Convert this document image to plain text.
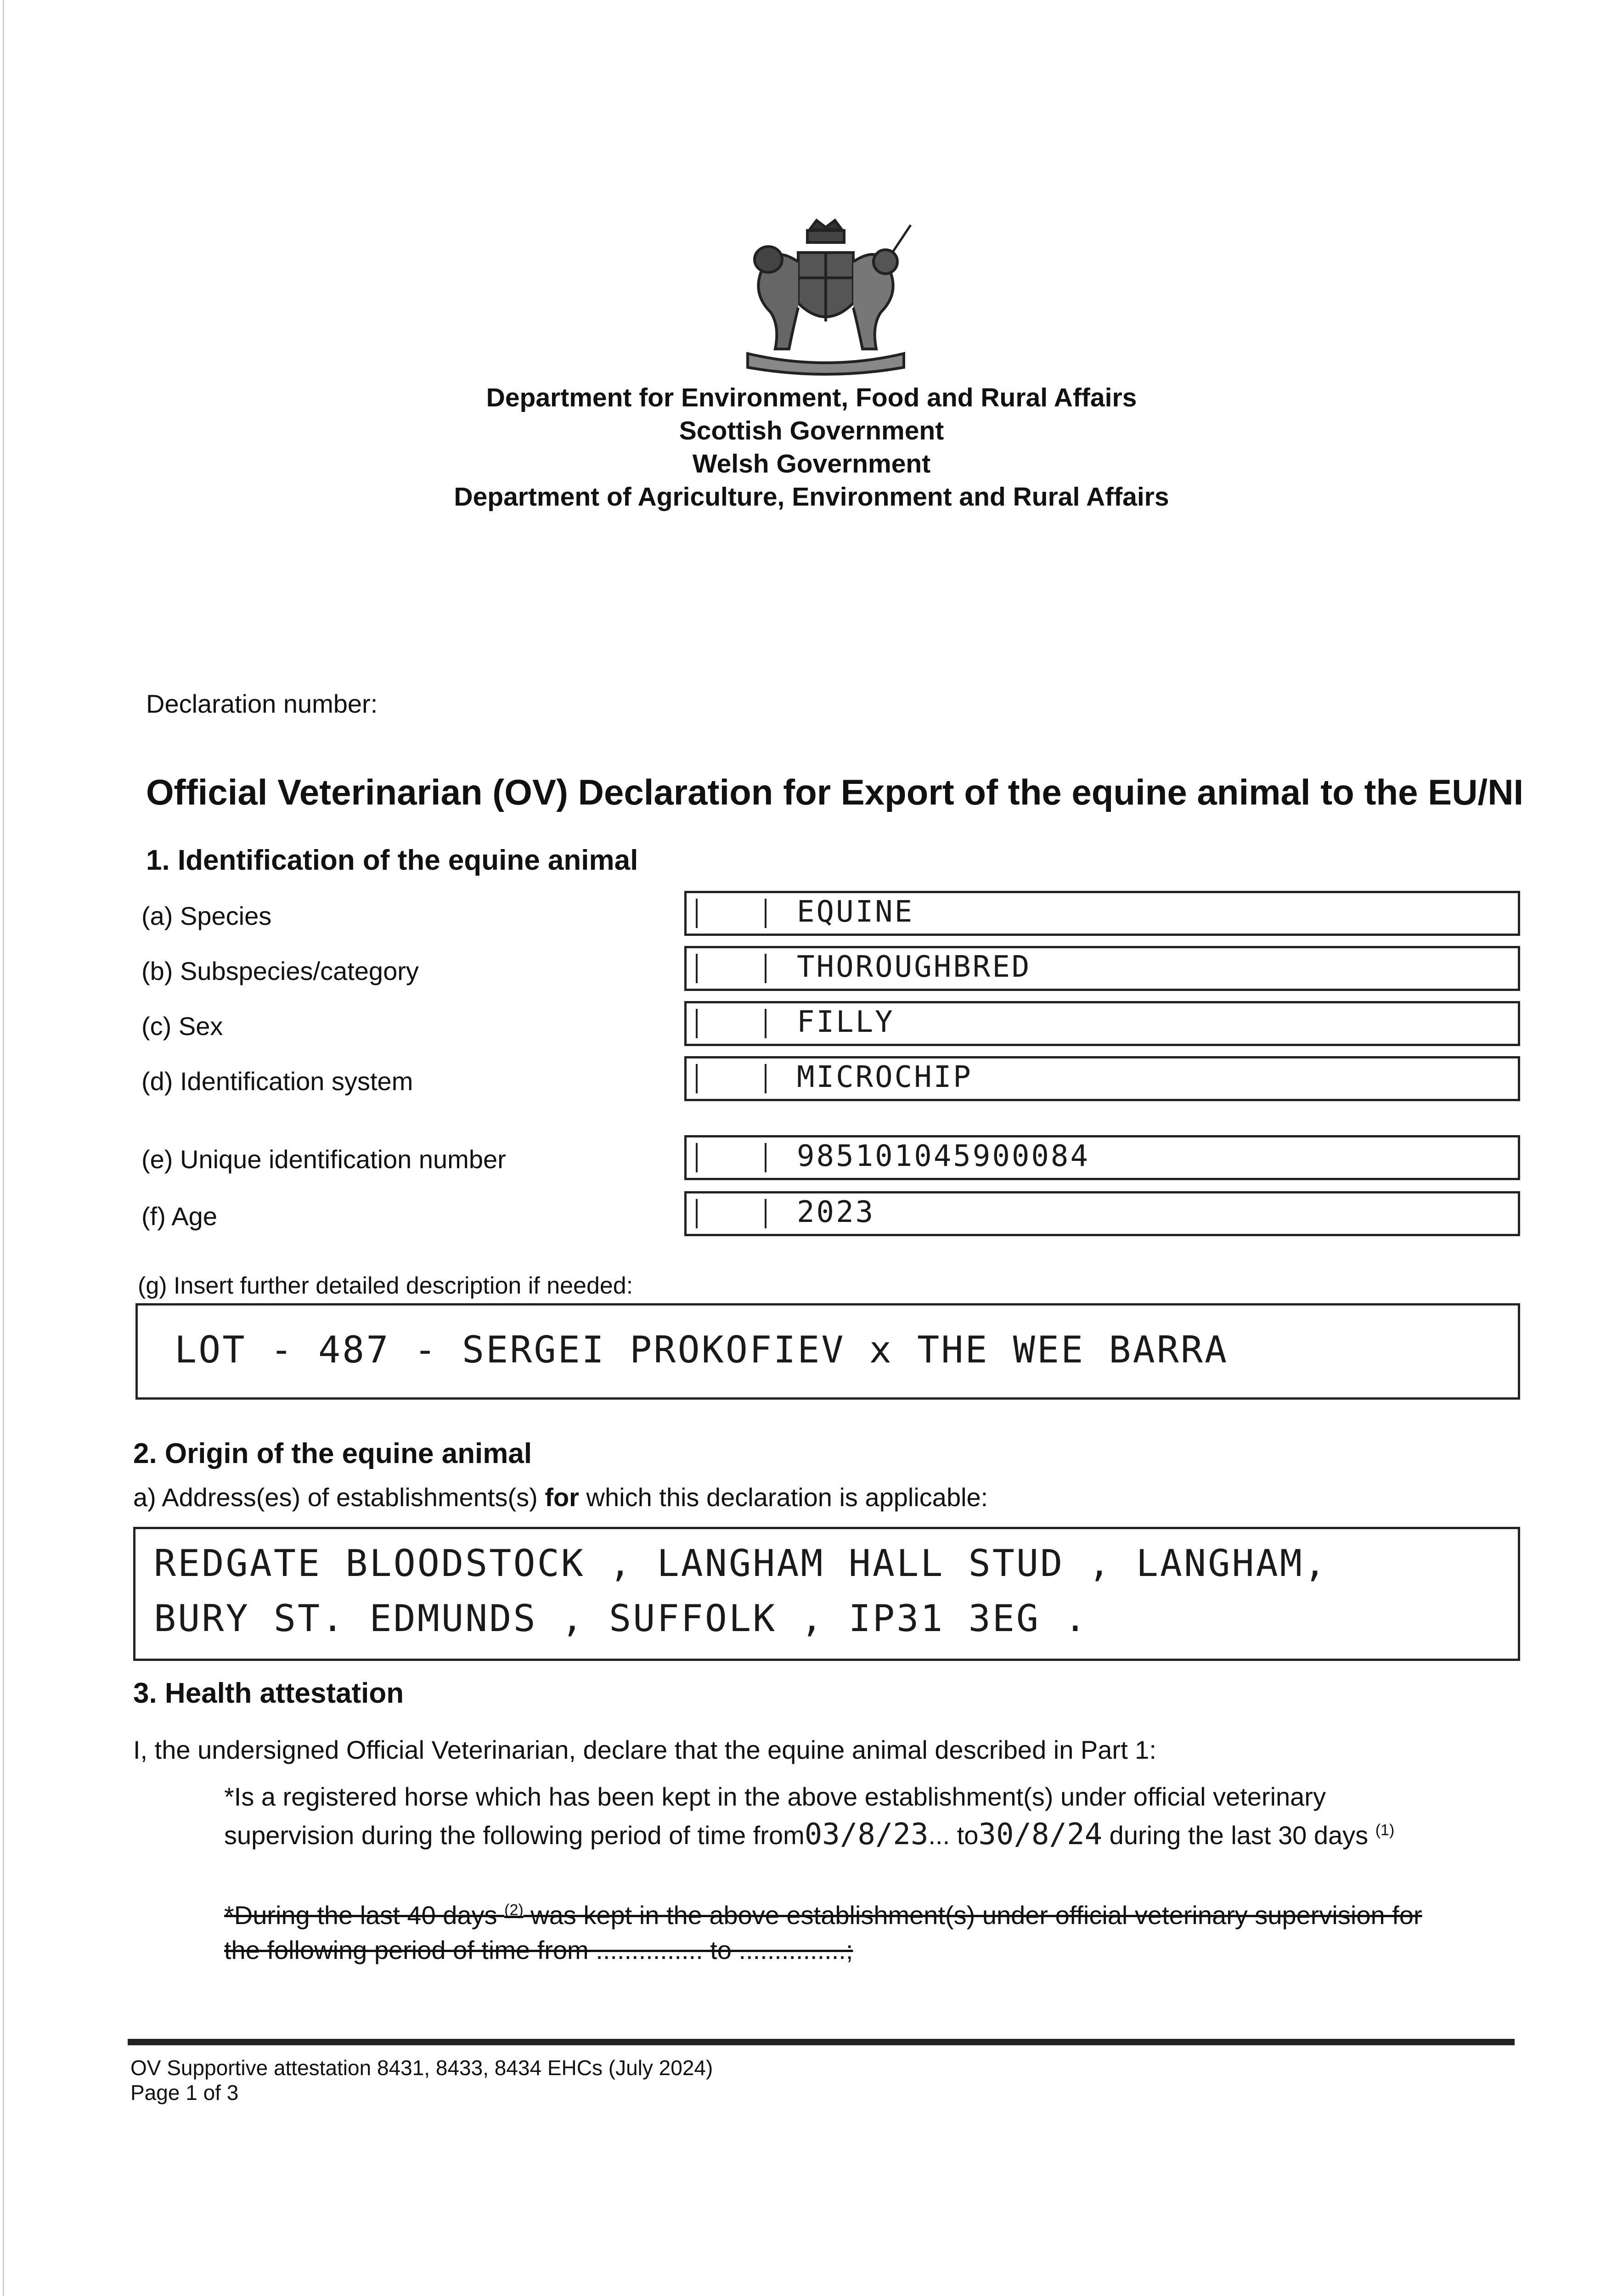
Department for Environment, Food and Rural Affairs
Scottish Government
Welsh Government
Department of Agriculture, Environment and Rural Affairs
Declaration number:
Official Veterinarian (OV) Declaration for Export of the equine animal to the EU/NI
1. Identification of the equine animal
(a) Species	EQUINE
(b) Subspecies/category	THOROUGHBRED
(c) Sex	FILLY
(d) Identification system	MICROCHIP
(e) Unique identification number	985101045900084
(f) Age	2023
(g) Insert further detailed description if needed:
LOT - 487 - SERGEI PROKOFIEV x THE WEE BARRA
2. Origin of the equine animal
a) Address(es) of establishments(s) for which this declaration is applicable:
REDGATE BLOODSTOCK , LANGHAM HALL STUD , LANGHAM,
BURY ST. EDMUNDS , SUFFOLK , IP31 3EG .
3. Health attestation
I, the undersigned Official Veterinarian, declare that the equine animal described in Part 1:
*Is a registered horse which has been kept in the above establishment(s) under official veterinary
supervision during the following period of time from03/8/23... to30/8/24 during the last 30 days $^{(1)}$
*During the last 40 days $^{(2)}$ was kept in the above establishment(s) under official veterinary supervision for
the following period of time from ............... to ...............;
OV Supportive attestation 8431, 8433, 8434 EHCs (July 2024)
Page 1 of 3
